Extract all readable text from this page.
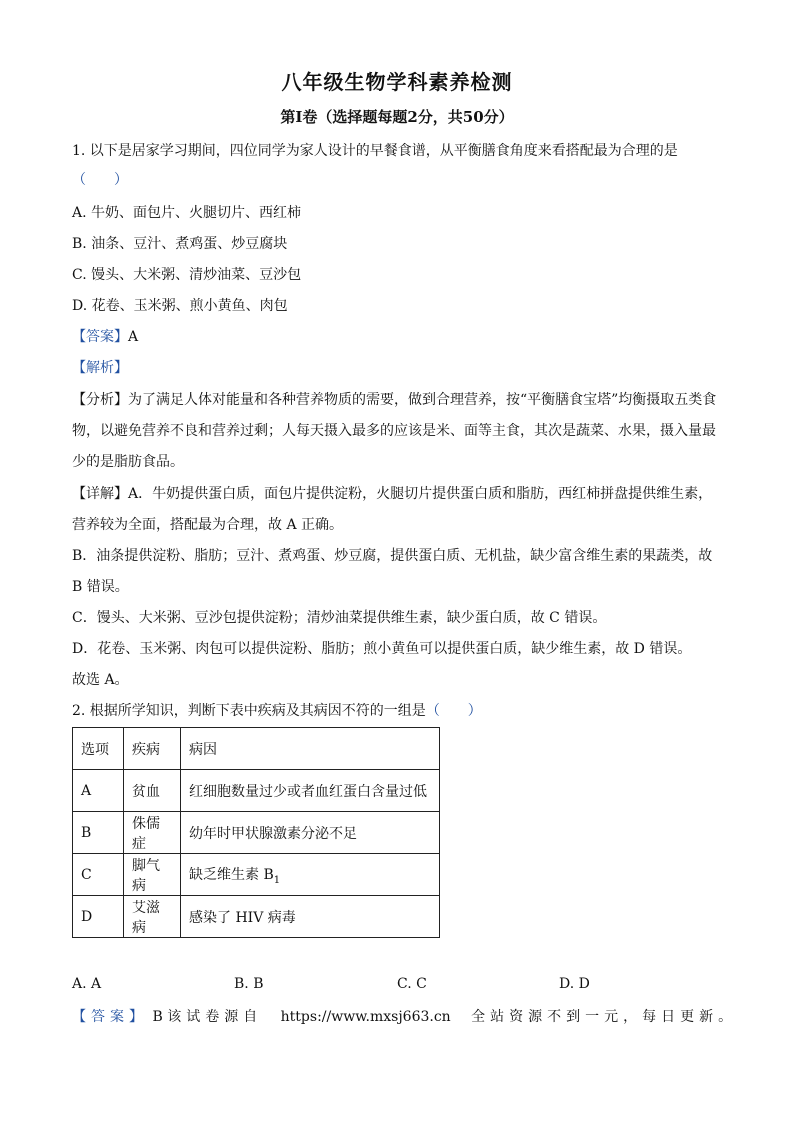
八年级生物学科素养检测
第Ⅰ卷（选择题每题2分，共50分）
1. 以下是居家学习期间，四位同学为家人设计的早餐食谱，从平衡膳食角度来看搭配最为合理的是
（　　）
A. 牛奶、面包片、火腿切片、西红柿
B. 油条、豆汁、煮鸡蛋、炒豆腐块
C. 馒头、大米粥、清炒油菜、豆沙包
D. 花卷、玉米粥、煎小黄鱼、肉包
【答案】A
【解析】
【分析】为了满足人体对能量和各种营养物质的需要，做到合理营养，按“平衡膳食宝塔”均衡摄取五类食
物，以避免营养不良和营养过剩；人每天摄入最多的应该是米、面等主食，其次是蔬菜、水果，摄入量最
少的是脂肪食品。
【详解】A．牛奶提供蛋白质，面包片提供淀粉，火腿切片提供蛋白质和脂肪，西红柿拼盘提供维生素，
营养较为全面，搭配最为合理，故 A 正确。
B．油条提供淀粉、脂肪；豆汁、煮鸡蛋、炒豆腐，提供蛋白质、无机盐，缺少富含维生素的果蔬类，故
B 错误。
C．馒头、大米粥、豆沙包提供淀粉；清炒油菜提供维生素，缺少蛋白质，故 C 错误。
D．花卷、玉米粥、肉包可以提供淀粉、脂肪；煎小黄鱼可以提供蛋白质，缺少维生素，故 D 错误。
故选 A。
2. 根据所学知识，判断下表中疾病及其病因不符的一组是（　　）
选项	疾病	病因
A	贫血	红细胞数量过少或者血红蛋白含量过低
B	侏儒症	幼年时甲状腺激素分泌不足
C	脚气病	缺乏维生素 $B_1$
D	艾滋病	感染了 HIV 病毒
A. A	B. B	C. C	D. D
【答案】 B 该试卷源自 https://www.mxsj663.cn 全站资源不到一元，每日更新。
